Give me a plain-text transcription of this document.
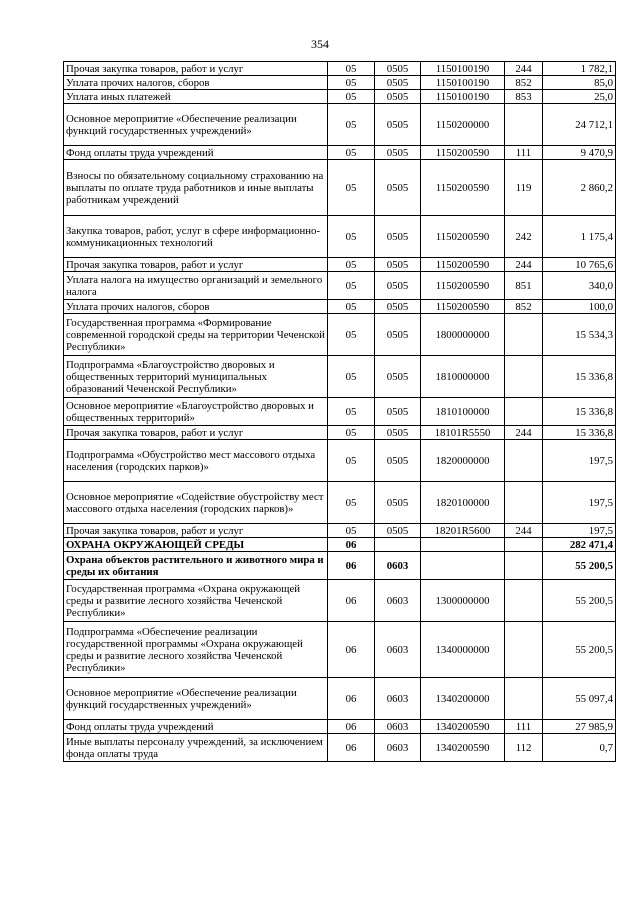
354
Прочая закупка товаров, работ и услуг	05	0505	1150100190	244	1 782,1
Уплата прочих налогов, сборов	05	0505	1150100190	852	85,0
Уплата иных платежей	05	0505	1150100190	853	25,0
Основное мероприятие «Обеспечение реализации функций государственных учреждений»	05	0505	1150200000		24 712,1
Фонд оплаты труда учреждений	05	0505	1150200590	111	9 470,9
Взносы по обязательному социальному страхованию на выплаты по оплате труда работников и иные выплаты работникам учреждений	05	0505	1150200590	119	2 860,2
Закупка товаров, работ, услуг в сфере информационно-коммуникационных технологий	05	0505	1150200590	242	1 175,4
Прочая закупка товаров, работ и услуг	05	0505	1150200590	244	10 765,6
Уплата налога на имущество организаций и земельного налога	05	0505	1150200590	851	340,0
Уплата прочих налогов, сборов	05	0505	1150200590	852	100,0
Государственная программа «Формирование современной городской среды на территории Чеченской Республики»	05	0505	1800000000		15 534,3
Подпрограмма «Благоустройство дворовых и общественных территорий муниципальных образований Чеченской Республики»	05	0505	1810000000		15 336,8
Основное мероприятие «Благоустройство дворовых и общественных территорий»	05	0505	1810100000		15 336,8
Прочая закупка товаров, работ и услуг	05	0505	18101R5550	244	15 336,8
Подпрограмма «Обустройство мест массового отдыха населения (городских парков)»	05	0505	1820000000		197,5
Основное мероприятие «Содействие обустройству мест массового отдыха населения (городских парков)»	05	0505	1820100000		197,5
Прочая закупка товаров, работ и услуг	05	0505	18201R5600	244	197,5
ОХРАНА ОКРУЖАЮЩЕЙ СРЕДЫ	06				282 471,4
Охрана объектов растительного и животного мира и среды их обитания	06	0603			55 200,5
Государственная программа «Охрана окружающей среды и развитие лесного хозяйства Чеченской Республики»	06	0603	1300000000		55 200,5
Подпрограмма «Обеспечение реализации государственной программы «Охрана окружающей среды и развитие лесного хозяйства Чеченской Республики»	06	0603	1340000000		55 200,5
Основное мероприятие «Обеспечение реализации функций государственных учреждений»	06	0603	1340200000		55 097,4
Фонд оплаты труда учреждений	06	0603	1340200590	111	27 985,9
Иные выплаты персоналу учреждений, за исключением фонда оплаты труда	06	0603	1340200590	112	0,7
